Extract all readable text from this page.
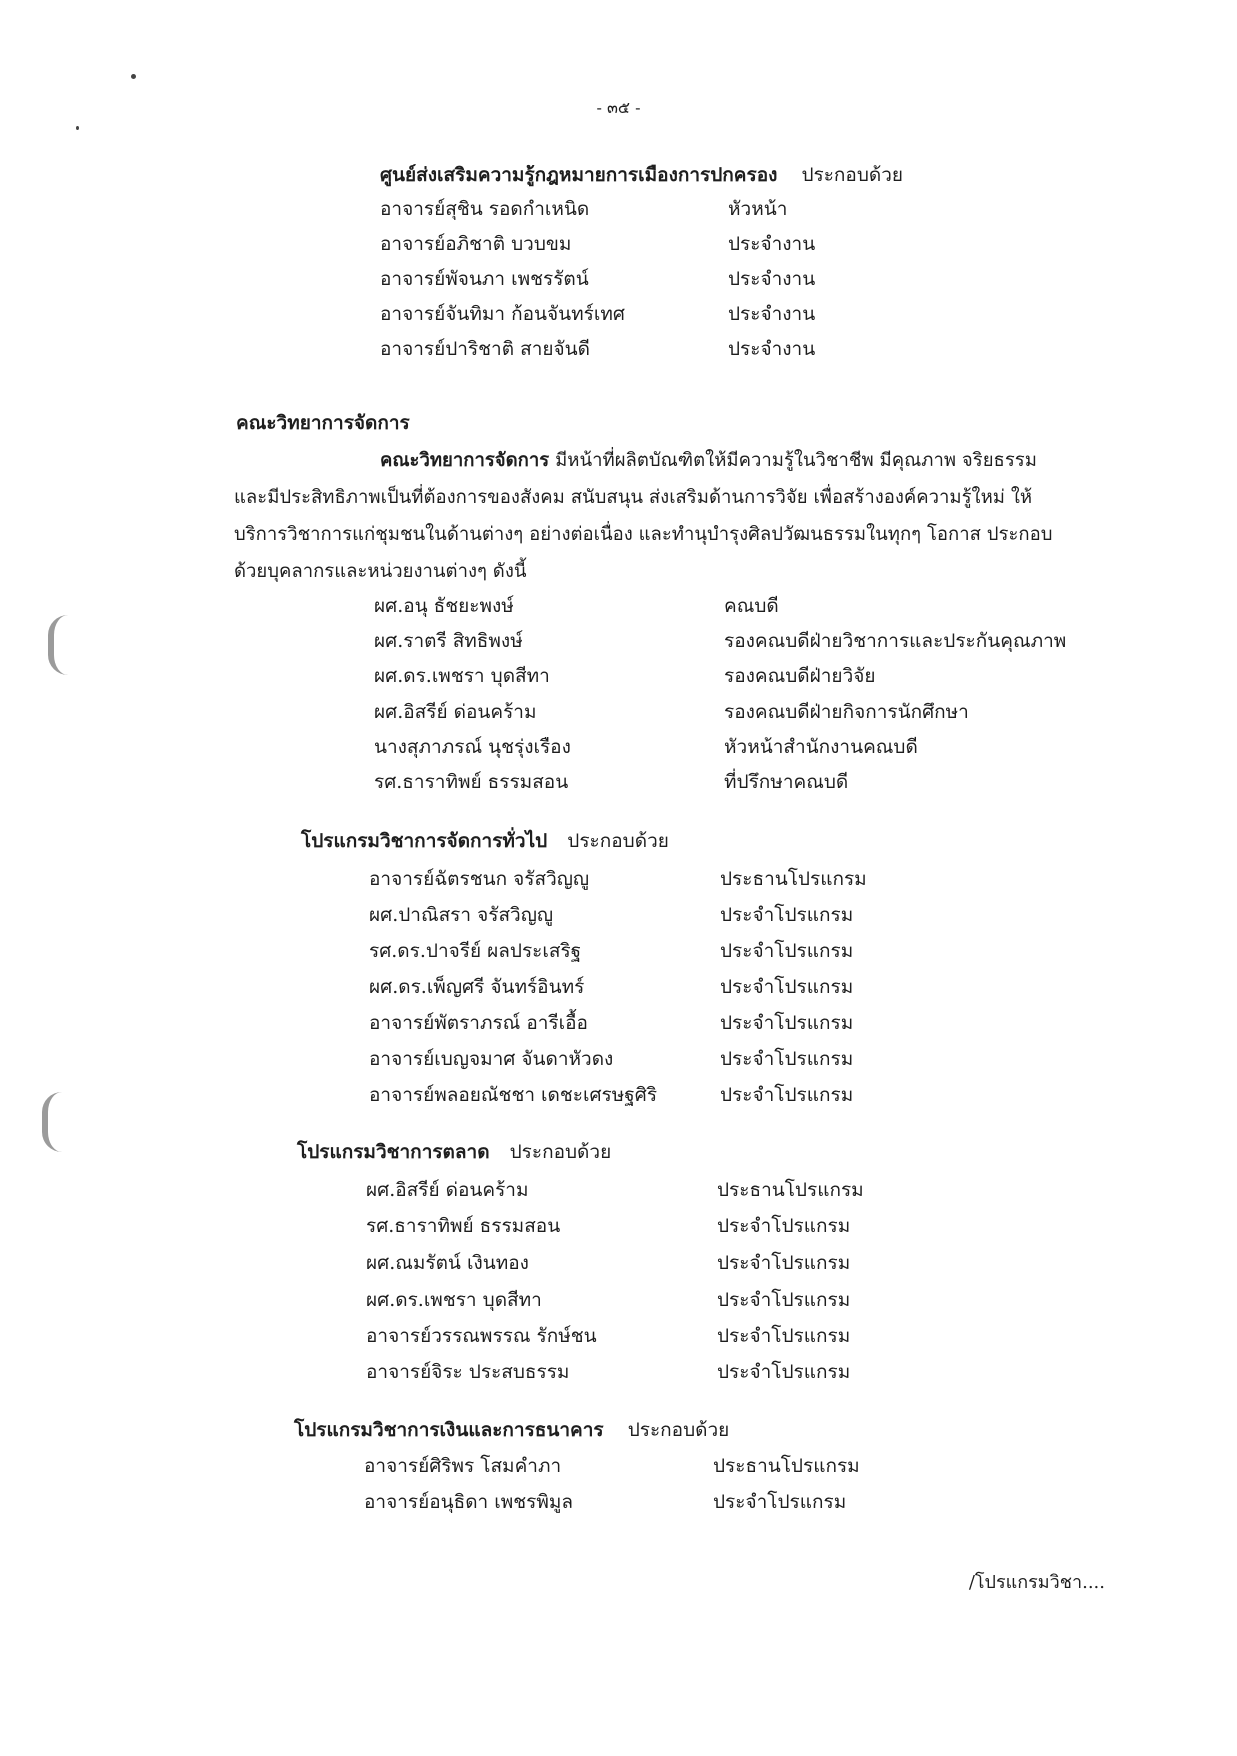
- ๓๕ -
ศูนย์ส่งเสริมความรู้กฎหมายการเมืองการปกครอง ประกอบด้วย
อาจารย์สุชิน รอดกำเหนิด	หัวหน้า
อาจารย์อภิชาติ บวบขม	ประจำงาน
อาจารย์พัจนภา เพชรรัตน์	ประจำงาน
อาจารย์จันทิมา ก้อนจันทร์เทศ	ประจำงาน
อาจารย์ปาริชาติ สายจันดี	ประจำงาน
คณะวิทยาการจัดการ
คณะวิทยาการจัดการ มีหน้าที่ผลิตบัณฑิตให้มีความรู้ในวิชาชีพ มีคุณภาพ จริยธรรม และมีประสิทธิภาพเป็นที่ต้องการของสังคม สนับสนุน ส่งเสริมด้านการวิจัย เพื่อสร้างองค์ความรู้ใหม่ ให้บริการวิชาการแก่ชุมชนในด้านต่างๆ อย่างต่อเนื่อง และทำนุบำรุงศิลปวัฒนธรรมในทุกๆ โอกาส ประกอบด้วยบุคลากรและหน่วยงานต่างๆ ดังนี้
ผศ.อนุ ธัชยะพงษ์	คณบดี
ผศ.ราตรี สิทธิพงษ์	รองคณบดีฝ่ายวิชาการและประกันคุณภาพ
ผศ.ดร.เพชรา บุดสีทา	รองคณบดีฝ่ายวิจัย
ผศ.อิสรีย์ ด่อนคร้าม	รองคณบดีฝ่ายกิจการนักศึกษา
นางสุภาภรณ์ นุชรุ่งเรือง	หัวหน้าสำนักงานคณบดี
รศ.ธาราทิพย์ ธรรมสอน	ที่ปรึกษาคณบดี
โปรแกรมวิชาการจัดการทั่วไป ประกอบด้วย
อาจารย์ฉัตรชนก จรัสวิญญู	ประธานโปรแกรม
ผศ.ปาณิสรา จรัสวิญญู	ประจำโปรแกรม
รศ.ดร.ปาจรีย์ ผลประเสริฐ	ประจำโปรแกรม
ผศ.ดร.เพ็ญศรี จันทร์อินทร์	ประจำโปรแกรม
อาจารย์พัตราภรณ์ อารีเอื้อ	ประจำโปรแกรม
อาจารย์เบญจมาศ จันดาหัวดง	ประจำโปรแกรม
อาจารย์พลอยณัชชา เดชะเศรษฐศิริ	ประจำโปรแกรม
โปรแกรมวิชาการตลาด ประกอบด้วย
ผศ.อิสรีย์ ด่อนคร้าม	ประธานโปรแกรม
รศ.ธาราทิพย์ ธรรมสอน	ประจำโปรแกรม
ผศ.ณมรัตน์ เงินทอง	ประจำโปรแกรม
ผศ.ดร.เพชรา บุดสีทา	ประจำโปรแกรม
อาจารย์วรรณพรรณ รักษ์ชน	ประจำโปรแกรม
อาจารย์จิระ ประสบธรรม	ประจำโปรแกรม
โปรแกรมวิชาการเงินและการธนาคาร ประกอบด้วย
อาจารย์ศิริพร โสมคำภา	ประธานโปรแกรม
อาจารย์อนุธิดา เพชรพิมูล	ประจำโปรแกรม
/โปรแกรมวิชา....
